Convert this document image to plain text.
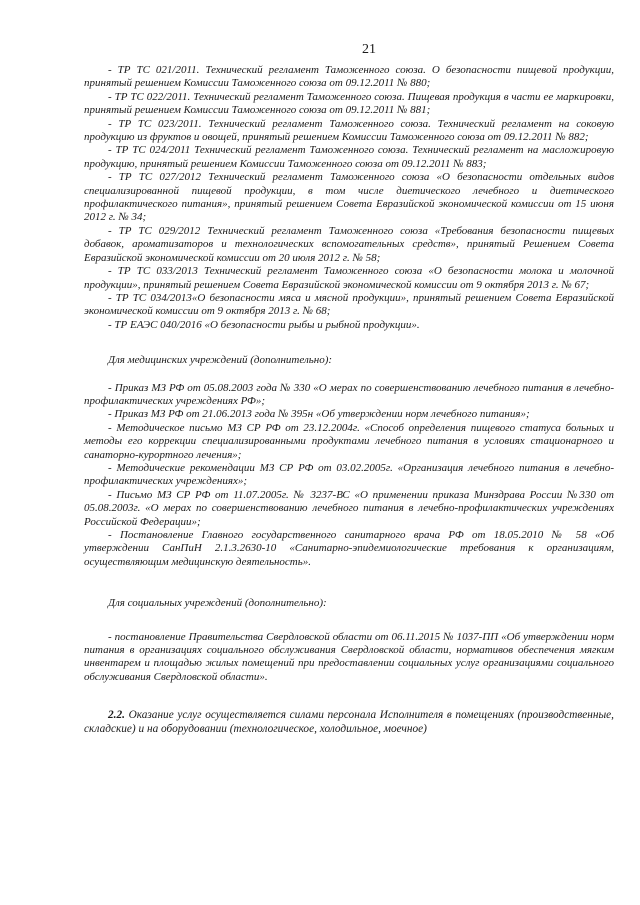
21

- ТР ТС 021/2011. Технический регламент Таможенного союза. О безопасности пищевой продукции, принятый решением Комиссии Таможенного союза от 09.12.2011 № 880;

- ТР ТС 022/2011. Технический регламент Таможенного союза. Пищевая продукция в части ее маркировки, принятый решением Комиссии Таможенного союза от 09.12.2011 № 881;

- ТР ТС 023/2011. Технический регламент Таможенного союза. Технический регламент на соковую продукцию из фруктов и овощей, принятый решением Комиссии Таможенного союза от 09.12.2011 № 882;

- ТР ТС 024/2011 Технический регламент Таможенного союза. Технический регламент на масложировую продукцию, принятый решением Комиссии Таможенного союза от 09.12.2011 № 883;

- ТР ТС 027/2012 Технический регламент Таможенного союза «О безопасности отдельных видов специализированной пищевой продукции, в том числе диетического лечебного и диетического профилактического питания», принятый решением Совета Евразийской экономической комиссии от 15 июня 2012 г. № 34;

- ТР ТС 029/2012 Технический регламент Таможенного союза «Требования безопасности пищевых добавок, ароматизаторов и технологических вспомогательных средств», принятый Решением Совета Евразийской экономической комиссии от 20 июля 2012 г. № 58;

- ТР ТС 033/2013 Технический регламент Таможенного союза «О безопасности молока и молочной продукции», принятый решением Совета Евразийской экономической комиссии от 9 октября 2013 г. № 67;

- ТР ТС 034/2013«О безопасности мяса и мясной продукции», принятый решением Совета Евразийской экономической комиссии от 9 октября 2013 г. № 68;

- ТР ЕАЭС 040/2016 «О безопасности рыбы и рыбной продукции».

Для медицинских учреждений (дополнительно):

- Приказ МЗ РФ от 05.08.2003 года № 330 «О мерах по совершенствованию лечебного питания в лечебно-профилактических учреждениях РФ»;

- Приказ МЗ РФ от 21.06.2013 года № 395н «Об утверждении норм лечебного питания»;

- Методическое письмо МЗ СР РФ от 23.12.2004г. «Способ определения пищевого статуса больных и методы его коррекции специализированными продуктами лечебного питания в условиях стационарного и санаторно-курортного лечения»;

- Методические рекомендации МЗ СР РФ от 03.02.2005г. «Организация лечебного питания в лечебно-профилактических учреждениях»;

- Письмо МЗ СР РФ от 11.07.2005г. № 3237-ВС «О применении приказа Минздрава России №330 от 05.08.2003г. «О мерах по совершенствованию лечебного питания в лечебно-профилактических учреждениях Российской Федерации»;

- Постановление Главного государственного санитарного врача РФ от 18.05.2010 № 58 «Об утверждении СанПиН 2.1.3.2630-10 «Санитарно-эпидемиологические требования к организациям, осуществляющим медицинскую деятельность».

Для социальных учреждений (дополнительно):

- постановление Правительства Свердловской области от 06.11.2015 № 1037-ПП «Об утверждении норм питания в организациях социального обслуживания Свердловской области, нормативов обеспечения мягким инвентарем и площадью жилых помещений при предоставлении социальных услуг организациями социального обслуживания Свердловской области».

2.2. Оказание услуг осуществляется силами персонала Исполнителя в помещениях (производственные, складские) и на оборудовании (технологическое, холодильное, моечное)
